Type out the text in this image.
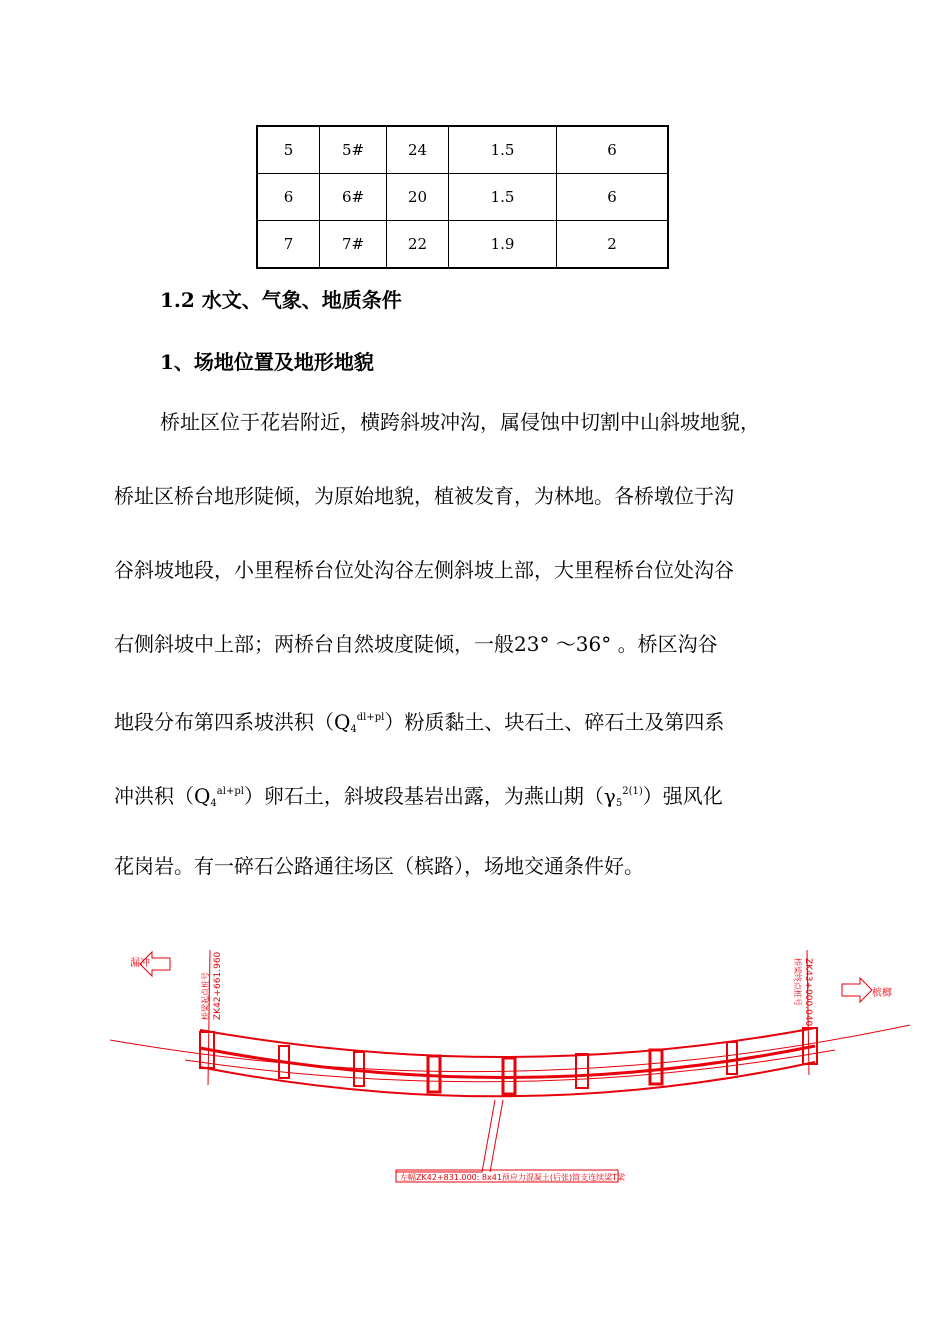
5	5#	24	1.5	6
6	6#	20	1.5	6
7	7#	22	1.9	2
1.2 水文、气象、地质条件
1、场地位置及地形地貌
桥址区位于花岩附近，横跨斜坡冲沟，属侵蚀中切割中山斜坡地貌，
桥址区桥台地形陡倾，为原始地貌，植被发育，为林地。各桥墩位于沟
谷斜坡地段，小里程桥台位处沟谷左侧斜坡上部，大里程桥台位处沟谷
右侧斜坡中上部；两桥台自然坡度陡倾，一般23° ～36° 。桥区沟谷
地段分布第四系坡洪积$(Q_4^{dl+pl})$粉质黏土、块石土、碎石土及第四系
冲洪积$(Q_4^{al+pl})$卵石土，斜坡段基岩出露，为燕山期$(\gamma_5^{2(1)})$强风化
花岗岩。有一碎石公路通往场区（槟路），场地交通条件好。
漏冲
槟榔
桥梁起点桩号 ZK42+661.960	桥梁终点桩号 ZK43+000.040
左幅ZK42+831.000: 8x41预应力混凝土(后张)简支连续梁T梁
